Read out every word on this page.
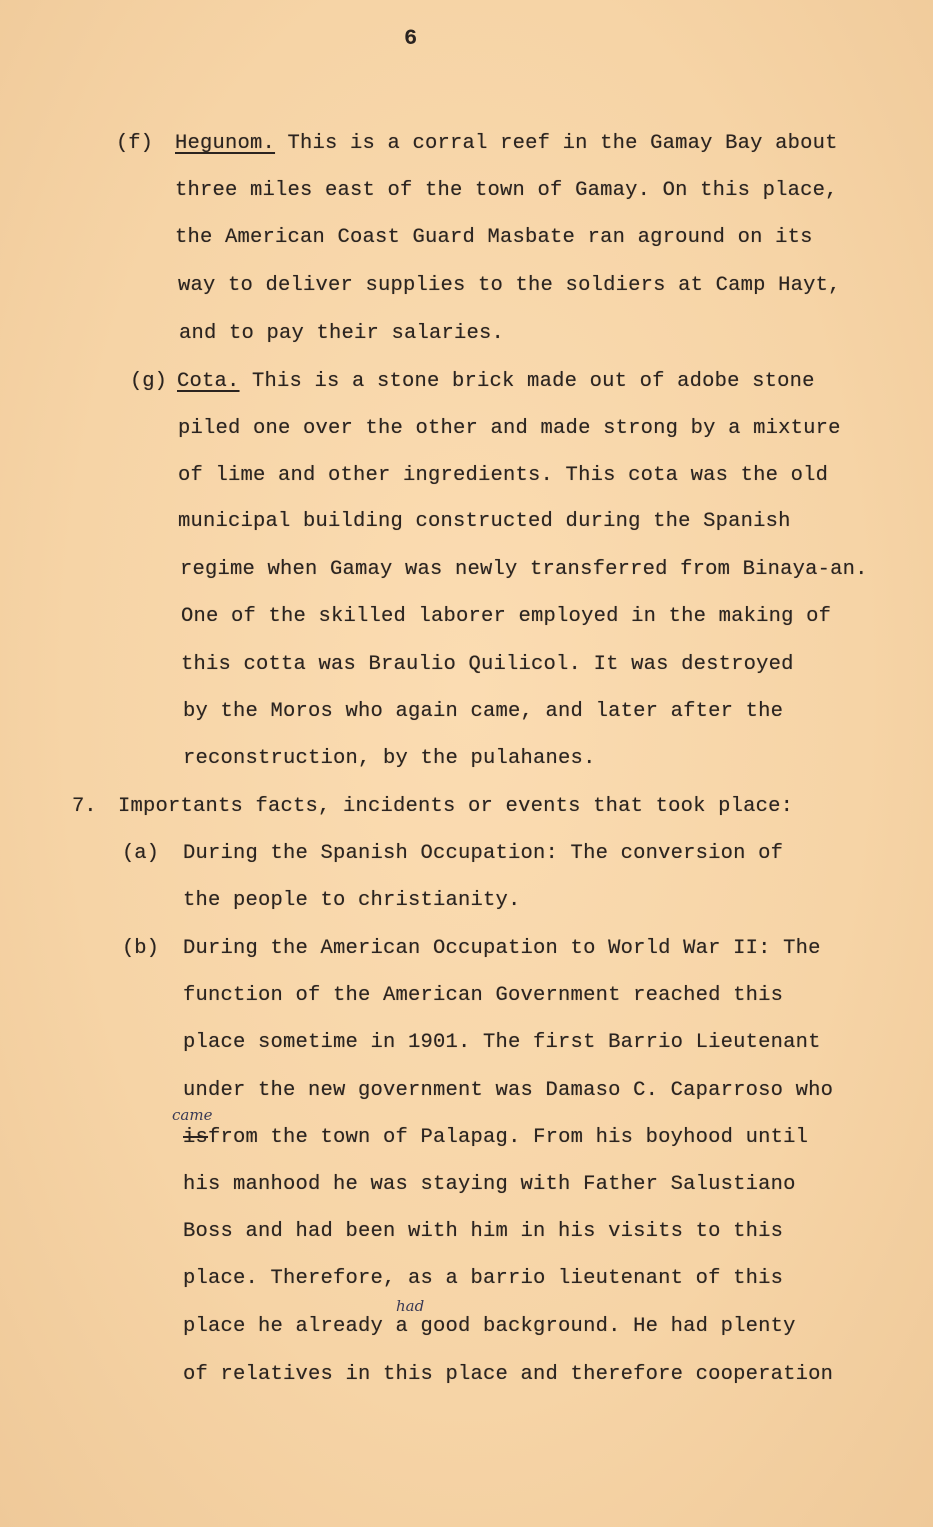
6
(f) Hegunom. This is a corral reef in the Gamay Bay about
three miles east of the town of Gamay. On this place,
the American Coast Guard Masbate ran aground on its
way to deliver supplies to the soldiers at Camp Hayt,
and to pay their salaries.
(g) Cota. This is a stone brick made out of adobe stone
piled one over the other and made strong by a mixture
of lime and other ingredients. This cota was the old
municipal building constructed during the Spanish
regime when Gamay was newly transferred from Binaya-an.
One of the skilled laborer employed in the making of
this cotta was Braulio Quilicol. It was destroyed
by the Moros who again came, and later after the
reconstruction, by the pulahanes.
7. Importants facts, incidents or events that took place:
(a) During the Spanish Occupation: The conversion of
the people to christianity.
(b) During the American Occupation to World War II: The
function of the American Government reached this
place sometime in 1901. The first Barrio Lieutenant
under the new government was Damaso C. Caparroso who
came
isfrom the town of Palapag. From his boyhood until
his manhood he was staying with Father Salustiano
Boss and had been with him in his visits to this
place. Therefore, as a barrio lieutenant of this
had
place he already a good background. He had plenty
of relatives in this place and therefore cooperation
